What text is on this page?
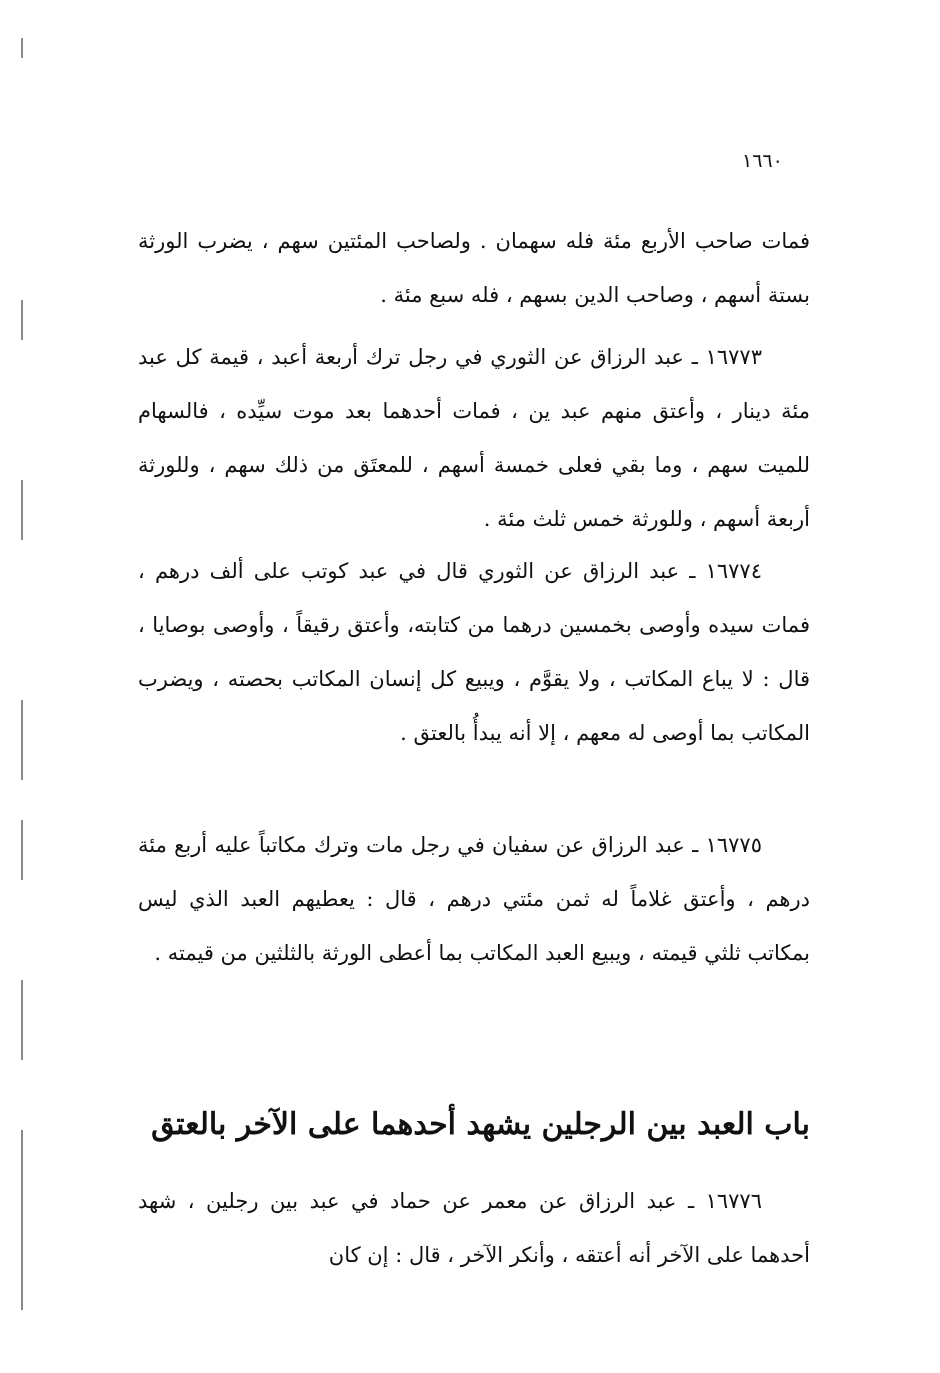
١٦٦٠

فمات صاحب الأربع مئة فله سهمان . ولصاحب المئتين سهم ، يضرب الورثة بستة أسهم ، وصاحب الدين بسهم ، فله سبع مئة .

١٦٧٧٣ ـ عبد الرزاق عن الثوري في رجل ترك أربعة أعبد ، قيمة كل عبد مئة دينار ، وأعتق منهم عبد ين ، فمات أحدهما بعد موت سيِّده ، فالسهام للميت سهم ، وما بقي فعلى خمسة أسهم ، للمعتَق من ذلك سهم ، وللورثة أربعة أسهم ، وللورثة خمس ثلث مئة .

١٦٧٧٤ ـ عبد الرزاق عن الثوري قال في عبد كوتب على ألف درهم ، فمات سيده وأوصى بخمسين درهما من كتابته، وأعتق رقيقاً ، وأوصى بوصايا ، قال : لا يباع المكاتب ، ولا يقوَّم ، ويبيع كل إنسان المكاتب بحصته ، ويضرب المكاتب بما أوصى له معهم ، إلا أنه يبدأُ بالعتق .

١٦٧٧٥ ـ عبد الرزاق عن سفيان في رجل مات وترك مكاتباً عليه أربع مئة درهم ، وأعتق غلاماً له ثمن مئتي درهم ، قال : يعطيهم العبد الذي ليس بمكاتب ثلثي قيمته ، ويبيع العبد المكاتب بما أعطى الورثة بالثلثين من قيمته .

باب العبد بين الرجلين يشهد أحدهما على الآخر بالعتق

١٦٧٧٦ ـ عبد الرزاق عن معمر عن حماد في عبد بين رجلين ، شهد أحدهما على الآخر أنه أعتقه ، وأنكر الآخر ، قال : إن كان
